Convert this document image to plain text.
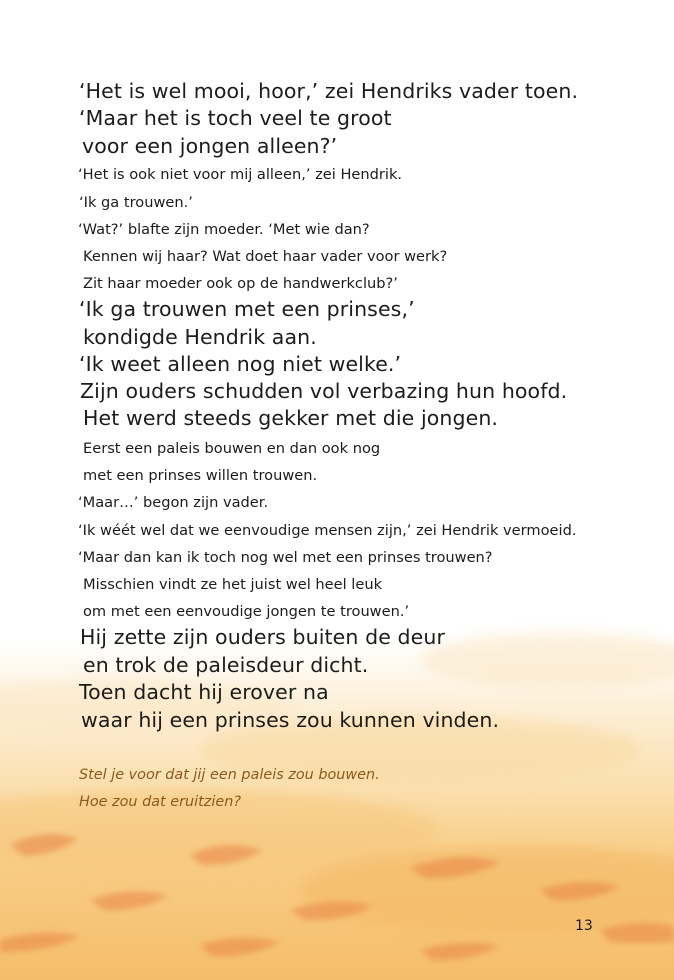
‘Het is wel mooi, hoor,’ zei Hendriks vader toen.
‘Maar het is toch veel te groot
voor een jongen alleen?’
‘Het is ook niet voor mij alleen,’ zei Hendrik.
‘Ik ga trouwen.’
‘Wat?’ blafte zijn moeder. ‘Met wie dan?
Kennen wij haar? Wat doet haar vader voor werk?
Zit haar moeder ook op de handwerkclub?’
‘Ik ga trouwen met een prinses,’
kondigde Hendrik aan.
‘Ik weet alleen nog niet welke.’
Zijn ouders schudden vol verbazing hun hoofd.
Het werd steeds gekker met die jongen.
Eerst een paleis bouwen en dan ook nog
met een prinses willen trouwen.
‘Maar…’ begon zijn vader.
‘Ik wéét wel dat we eenvoudige mensen zijn,’ zei Hendrik vermoeid.
‘Maar dan kan ik toch nog wel met een prinses trouwen?
Misschien vindt ze het juist wel heel leuk
om met een eenvoudige jongen te trouwen.’
Hij zette zijn ouders buiten de deur
en trok de paleisdeur dicht.
Toen dacht hij erover na
waar hij een prinses zou kunnen vinden.
Stel je voor dat jij een paleis zou bouwen.
Hoe zou dat eruitzien?
13
